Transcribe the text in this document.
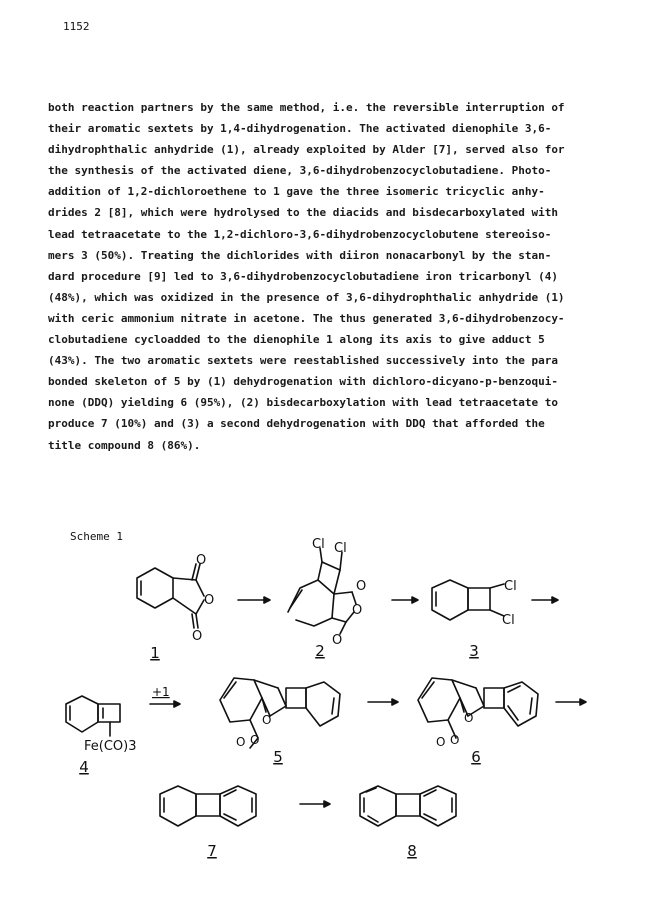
1152
both reaction partners by the same method, i.e. the reversible interruption of
their aromatic sextets by 1,4-dihydrogenation. The activated dienophile 3,6-
dihydrophthalic anhydride (1), already exploited by Alder [7], served also for
the synthesis of the activated diene, 3,6-dihydrobenzocyclobutadiene. Photo-
addition of 1,2-dichloroethene to 1 gave the three isomeric tricyclic anhy-
drides 2 [8], which were hydrolysed to the diacids and bisdecarboxylated with
lead tetraacetate to the 1,2-dichloro-3,6-dihydrobenzocyclobutene stereoiso-
mers 3 (50%). Treating the dichlorides with diiron nonacarbonyl by the stan-
dard procedure [9] led to 3,6-dihydrobenzocyclobutadiene iron tricarbonyl (4)
(48%), which was oxidized in the presence of 3,6-dihydrophthalic anhydride (1)
with ceric ammonium nitrate in acetone. The thus generated 3,6-dihydrobenzocy-
clobutadiene cycloadded to the dienophile 1 along its axis to give adduct 5
(43%). The two aromatic sextets were reestablished successively into the para
bonded skeleton of 5 by (1) dehydrogenation with dichloro-dicyano-p-benzoqui-
none (DDQ) yielding 6 (95%), (2) bisdecarboxylation with lead tetraacetate to
produce 7 (10%) and (3) a second dehydrogenation with DDQ that afforded the
title compound 8 (86%).
Scheme 1
O
O
O
1
Cl Cl
O
O
O
2
Cl
Cl
3
Fe(CO)3
4
+1
O
O O
5
O
O O
6
7	8
